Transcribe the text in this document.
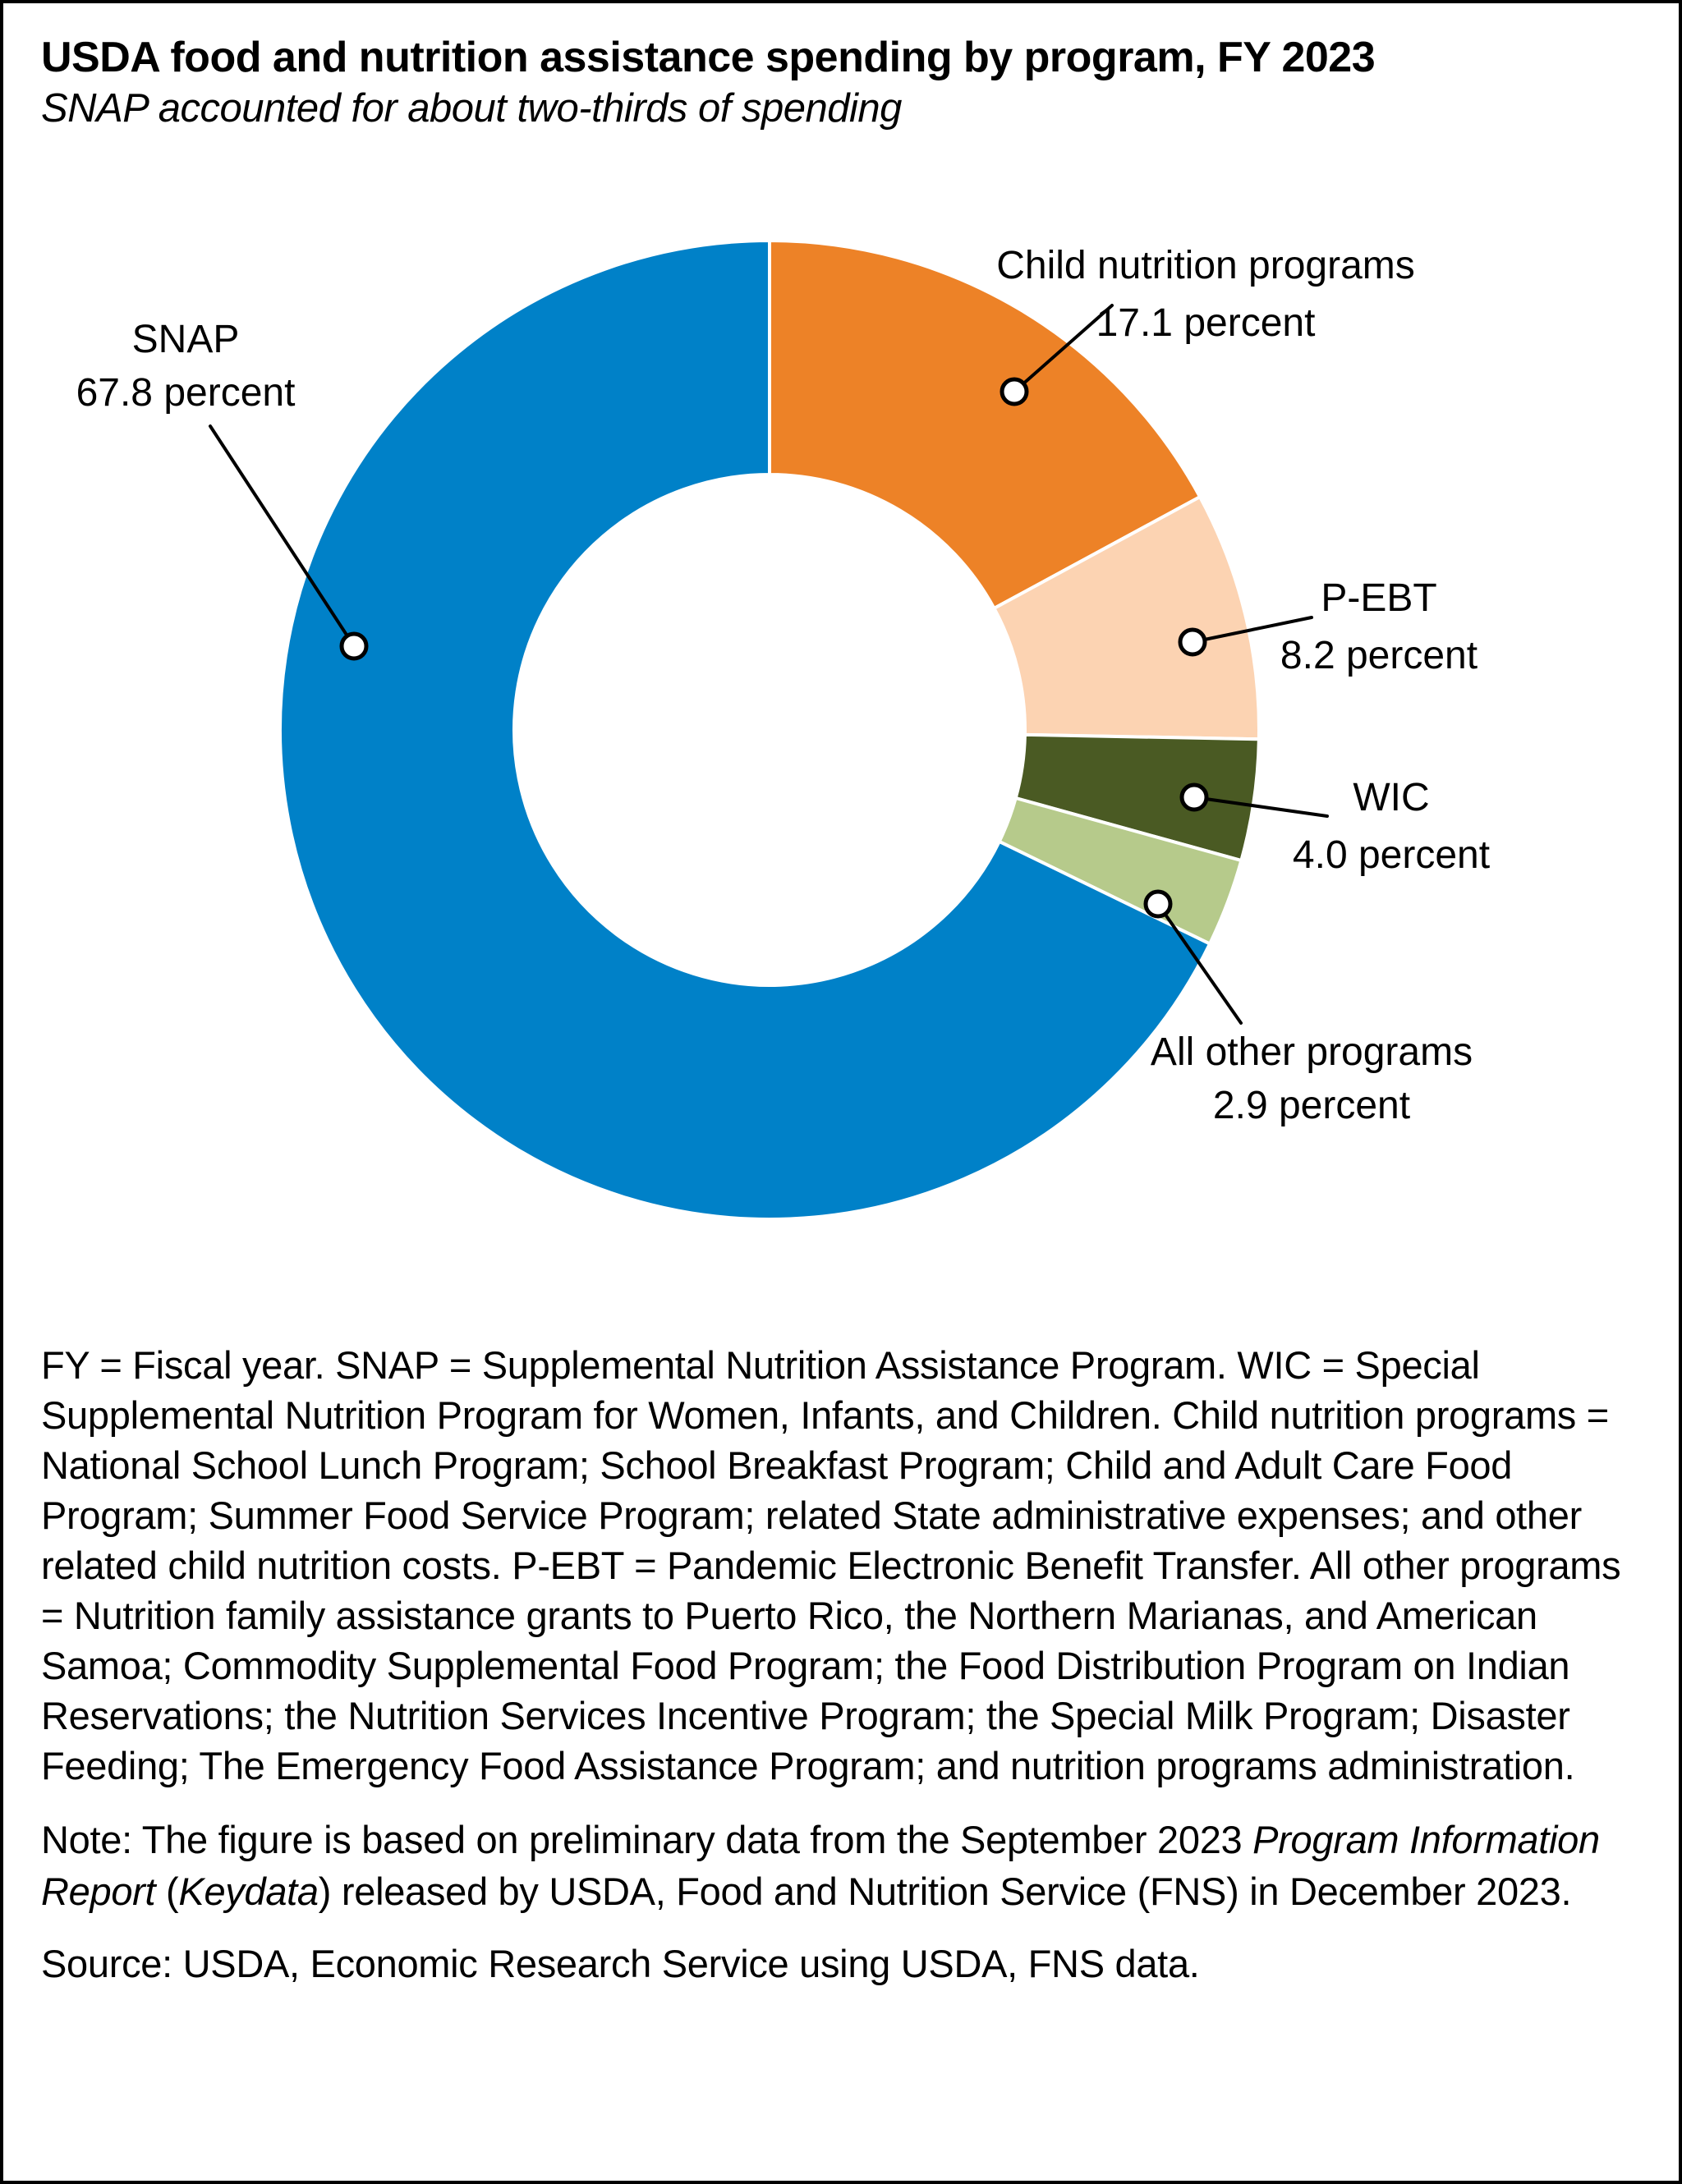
Child nutrition programs
17.1 percent
P-EBT
8.2 percent
WIC
4.0 percent
All other programs
2.9 percent
SNAP
67.8 percent
USDA food and nutrition assistance spending by program, FY 2023

SNAP accounted for about two-thirds of spending

FY = Fiscal year. SNAP = Supplemental Nutrition Assistance Program. WIC = Special Supplemental Nutrition Program for Women, Infants, and Children. Child nutrition programs = National School Lunch Program; School Breakfast Program; Child and Adult Care Food Program; Summer Food Service Program; related State administrative expenses; and other related child nutrition costs. P-EBT = Pandemic Electronic Benefit Transfer. All other programs = Nutrition family assistance grants to Puerto Rico, the Northern Marianas, and American Samoa; Commodity Supplemental Food Program; the Food Distribution Program on Indian Reservations; the Nutrition Services Incentive Program; the Special Milk Program; Disaster Feeding; The Emergency Food Assistance Program; and nutrition programs administration.

Note: The figure is based on preliminary data from the September 2023 Program Information Report (Keydata) released by USDA, Food and Nutrition Service (FNS) in December 2023.

Source: USDA, Economic Research Service using USDA, FNS data.
